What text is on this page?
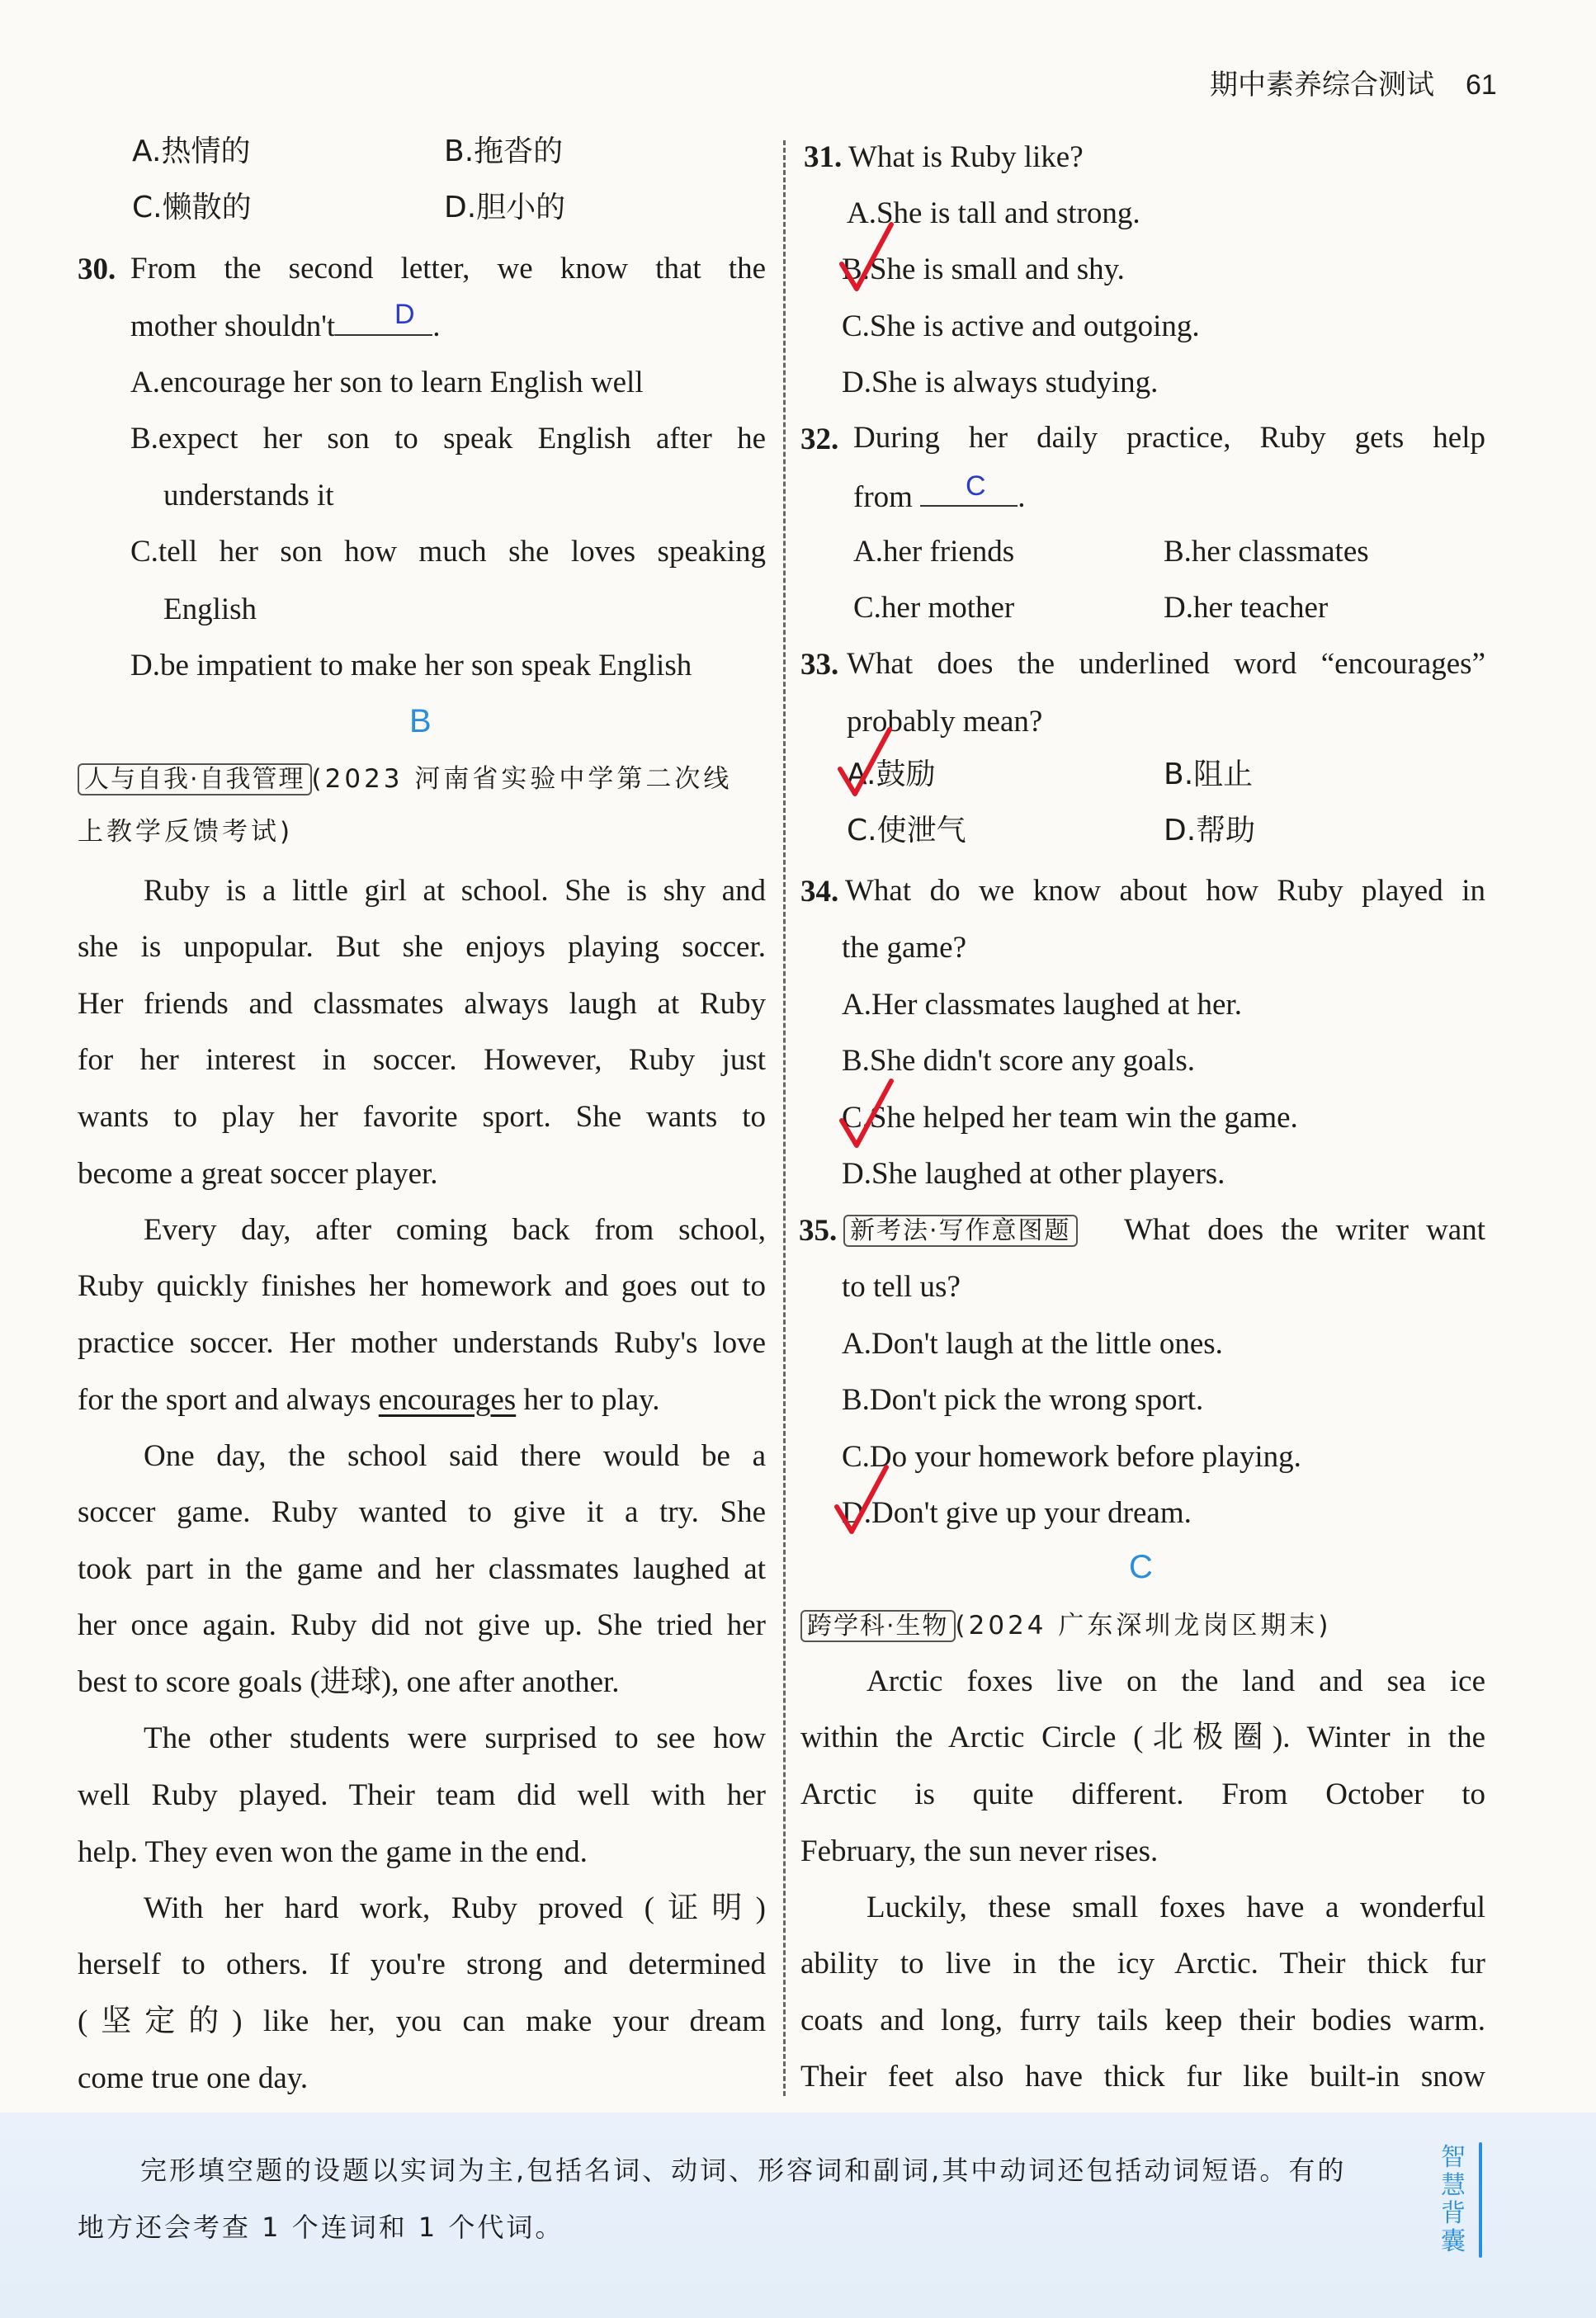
期中素养综合测试 61
A.热情的	B.拖沓的
C.懒散的	D.胆小的
30. From the second letter, we know that the
mother shouldn't	.
D
A.encourage her son to learn English well
B.expect her son to speak English after he
understands it
C.tell her son how much she loves speaking
English
D.be impatient to make her son speak English
B
人与自我·自我管理 (2023 河南省实验中学第二次线
上教学反馈考试)
Ruby is a little girl at school. She is shy and
she is unpopular. But she enjoys playing soccer.
Her friends and classmates always laugh at Ruby
for her interest in soccer. However, Ruby just
wants to play her favorite sport. She wants to
become a great soccer player.
Every day, after coming back from school,
Ruby quickly finishes her homework and goes out to
practice soccer. Her mother understands Ruby's love
for the sport and always encourages her to play.
One day, the school said there would be a
soccer game. Ruby wanted to give it a try. She
took part in the game and her classmates laughed at
her once again. Ruby did not give up. She tried her
best to score goals (进球), one after another.
The other students were surprised to see how
well Ruby played. Their team did well with her
help. They even won the game in the end.
With her hard work, Ruby proved (证明)
herself to others. If you're strong and determined
(坚定的) like her, you can make your dream
come true one day.
31. What is Ruby like?
A.She is tall and strong.
B.She is small and shy.
C.She is active and outgoing.
D.She is always studying.
32. During her daily practice, Ruby gets help
from	.
C
A.her friends	B.her classmates
C.her mother	D.her teacher
33. What does the underlined word “encourages”
probably mean?
A.鼓励	B.阻止
C.使泄气	D.帮助
34. What do we know about how Ruby played in
the game?
A.Her classmates laughed at her.
B.She didn't score any goals.
C.She helped her team win the game.
D.She laughed at other players.
35. 新考法·写作意图题 What does the writer want
to tell us?
A.Don't laugh at the little ones.
B.Don't pick the wrong sport.
C.Do your homework before playing.
D.Don't give up your dream.
C
跨学科·生物 (2024 广东深圳龙岗区期末)
Arctic foxes live on the land and sea ice
within the Arctic Circle (北极圈). Winter in the
Arctic is quite different. From October to
February, the sun never rises.
Luckily, these small foxes have a wonderful
ability to live in the icy Arctic. Their thick fur
coats and long, furry tails keep their bodies warm.
Their feet also have thick fur like built-in snow
完形填空题的设题以实词为主,包括名词、动词、形容词和副词,其中动词还包括动词短语。有的
地方还会考查 1 个连词和 1 个代词。
智慧背囊
